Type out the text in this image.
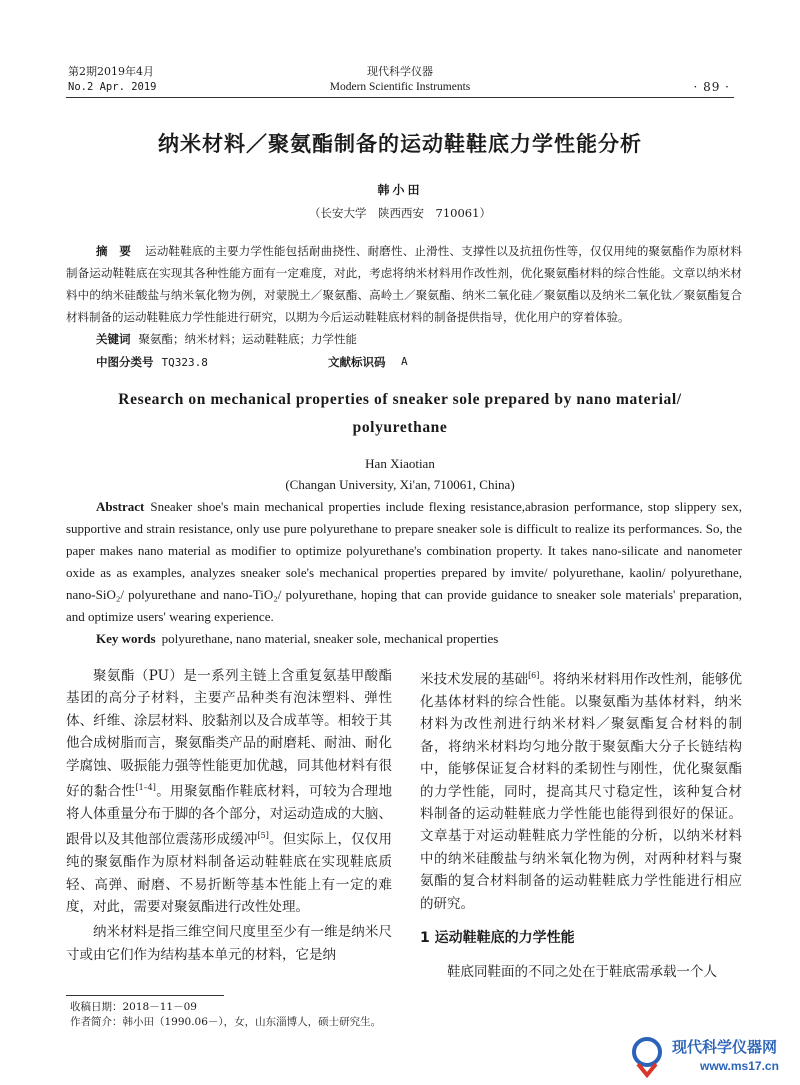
第2期2019年4月
No.2 Apr. 2019
现代科学仪器
Modern Scientific Instruments	· 89 ·
纳米材料／聚氨酯制备的运动鞋鞋底力学性能分析
韩小田
（长安大学　陕西西安　710061）
摘　要 运动鞋鞋底的主要力学性能包括耐曲挠性、耐磨性、止滑性、支撑性以及抗扭伤性等，仅仅用纯的聚氨酯作为原材料制备运动鞋鞋底在实现其各种性能方面有一定难度，对此，考虑将纳米材料用作改性剂，优化聚氨酯材料的综合性能。文章以纳米材料中的纳米硅酸盐与纳米氧化物为例，对蒙脱土／聚氨酯、高岭土／聚氨酯、纳米二氧化硅／聚氨酯以及纳米二氧化钛／聚氨酯复合材料制备的运动鞋鞋底力学性能进行研究，以期为今后运动鞋鞋底材料的制备提供指导，优化用户的穿着体验。
关键词 聚氨酯；纳米材料；运动鞋鞋底；力学性能
中图分类号 TQ323.8	文献标识码 A
Research on mechanical properties of sneaker sole prepared by nano material/
polyurethane
Han Xiaotian
(Changan University, Xi'an, 710061, China)
Abstract Sneaker shoe's main mechanical properties include flexing resistance,abrasion performance, stop slippery sex, supportive and strain resistance, only use pure polyurethane to prepare sneaker sole is difficult to realize its performances. So, the paper makes nano material as modifier to optimize polyurethane's combination property. It takes nano-silicate and nanometer oxide as as examples, analyzes sneaker sole's mechanical properties prepared by imvite/ polyurethane, kaolin/ polyurethane, nano-SiO₂/ polyurethane and nano-TiO₂/ polyurethane, hoping that can provide guidance to sneaker sole materials' preparation, and optimize users' wearing experience.
Key words polyurethane, nano material, sneaker sole, mechanical properties

聚氨酯（PU）是一系列主链上含重复氨基甲酸酯基团的高分子材料，主要产品种类有泡沫塑料、弹性体、纤维、涂层材料、胶黏剂以及合成革等。相较于其他合成树脂而言，聚氨酯类产品的耐磨耗、耐油、耐化学腐蚀、吸振能力强等性能更加优越，同其他材料有很好的黏合性[1–4]。用聚氨酯作鞋底材料，可较为合理地将人体重量分布于脚的各个部分，对运动造成的大脑、跟骨以及其他部位震荡形成缓冲[5]。但实际上，仅仅用纯的聚氨酯作为原材料制备运动鞋鞋底在实现鞋底质轻、高弹、耐磨、不易折断等基本性能上有一定的难度，对此，需要对聚氨酯进行改性处理。

纳米材料是指三维空间尺度里至少有一维是纳米尺寸或由它们作为结构基本单元的材料，它是纳

米技术发展的基础[6]。将纳米材料用作改性剂，能够优化基体材料的综合性能。以聚氨酯为基体材料，纳米材料为改性剂进行纳米材料／聚氨酯复合材料的制备，将纳米材料均匀地分散于聚氨酯大分子长链结构中，能够保证复合材料的柔韧性与刚性，优化聚氨酯的力学性能，同时，提高其尺寸稳定性，该种复合材料制备的运动鞋鞋底力学性能也能得到很好的保证。文章基于对运动鞋鞋底力学性能的分析，以纳米材料中的纳米硅酸盐与纳米氧化物为例，对两种材料与聚氨酯的复合材料制备的运动鞋鞋底力学性能进行相应的研究。

1 运动鞋鞋底的力学性能

鞋底同鞋面的不同之处在于鞋底需承载一个人

收稿日期：2018－11－09
作者简介：韩小田（1990.06－），女，山东淄博人，硕士研究生。
现代科学仪器网
www.ms17.cn
